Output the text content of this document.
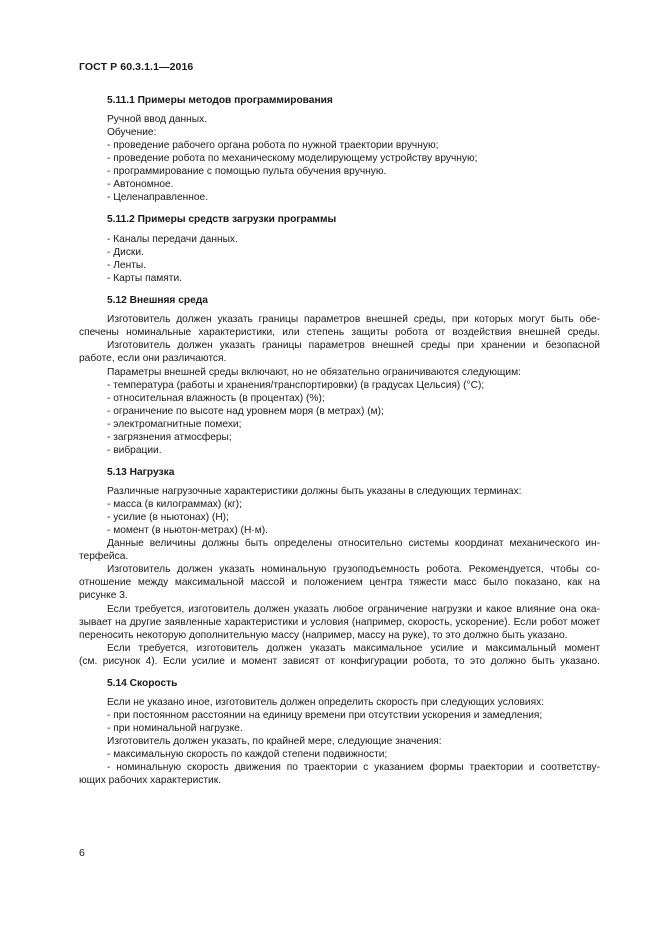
ГОСТ Р 60.3.1.1—2016
5.11.1 Примеры методов программирования
Ручной ввод данных.
Обучение:
- проведение рабочего органа робота по нужной траектории вручную;
- проведение робота по механическому моделирующему устройству вручную;
- программирование с помощью пульта обучения вручную.
- Автономное.
- Целенаправленное.
5.11.2 Примеры средств загрузки программы
- Каналы передачи данных.
- Диски.
- Ленты.
- Карты памяти.
5.12 Внешняя среда
Изготовитель должен указать границы параметров внешней среды, при которых могут быть обе-
спечены номинальные характеристики, или степень защиты робота от воздействия внешней среды.
Изготовитель должен указать границы параметров внешней среды при хранении и безопасной
работе, если они различаются.
Параметры внешней среды включают, но не обязательно ограничиваются следующим:
- температура (работы и хранения/транспортировки) (в градусах Цельсия) (°C);
- относительная влажность (в процентах) (%);
- ограничение по высоте над уровнем моря (в метрах) (м);
- электромагнитные помехи;
- загрязнения атмосферы;
- вибрации.
5.13 Нагрузка
Различные нагрузочные характеристики должны быть указаны в следующих терминах:
- масса (в килограммах) (кг);
- усилие (в ньютонах) (Н);
- момент (в ньютон-метрах) (Н·м).
Данные величины должны быть определены относительно системы координат механического ин-
терфейса.
Изготовитель должен указать номинальную грузоподъемность робота. Рекомендуется, чтобы со-
отношение между максимальной массой и положением центра тяжести масс было показано, как на
рисунке 3.
Если требуется, изготовитель должен указать любое ограничение нагрузки и какое влияние она ока-
зывает на другие заявленные характеристики и условия (например, скорость, ускорение). Если робот может
переносить некоторую дополнительную массу (например, массу на руке), то это должно быть указано.
Если требуется, изготовитель должен указать максимальное усилие и максимальный момент
(см. рисунок 4). Если усилие и момент зависят от конфигурации робота, то это должно быть указано.
5.14 Скорость
Если не указано иное, изготовитель должен определить скорость при следующих условиях:
- при постоянном расстоянии на единицу времени при отсутствии ускорения и замедления;
- при номинальной нагрузке.
Изготовитель должен указать, по крайней мере, следующие значения:
- максимальную скорость по каждой степени подвижности;
- номинальную скорость движения по траектории с указанием формы траектории и соответству-
ющих рабочих характеристик.
6
